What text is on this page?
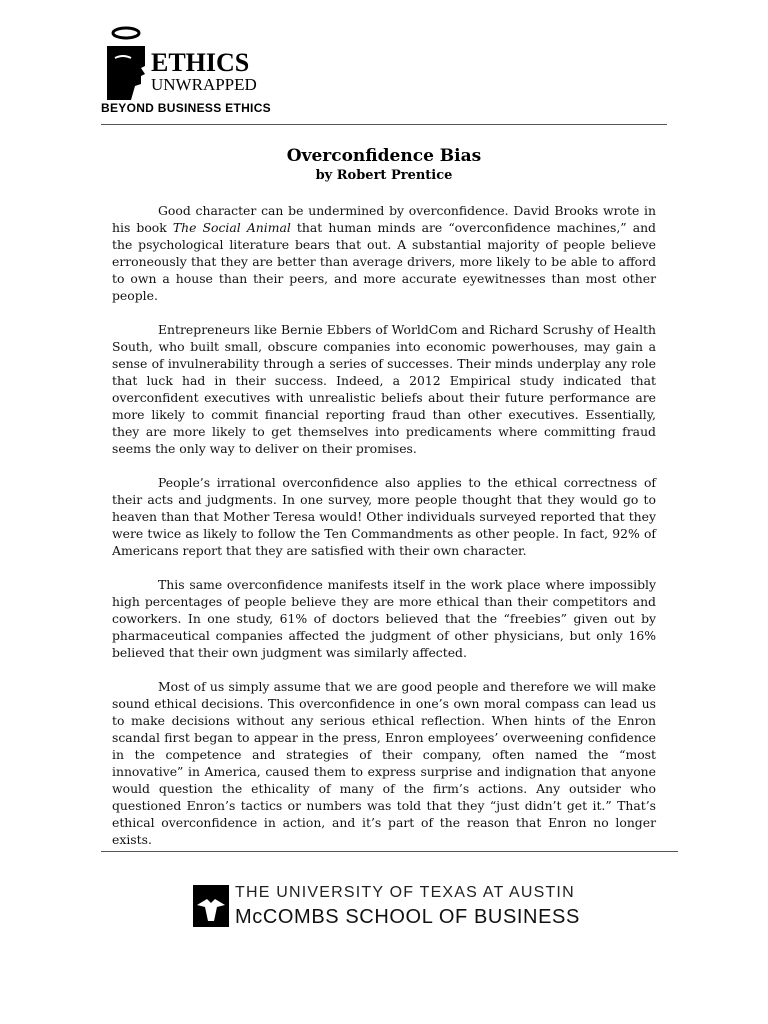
ETHICS
UNWRAPPED
BEYOND BUSINESS ETHICS
Overconfidence Bias
by Robert Prentice

Good character can be undermined by overconfidence. David Brooks wrote in his book The Social Animal that human minds are “overconfidence machines,” and the psychological literature bears that out. A substantial majority of people believe erroneously that they are better than average drivers, more likely to be able to afford to own a house than their peers, and more accurate eyewitnesses than most other people.

Entrepreneurs like Bernie Ebbers of WorldCom and Richard Scrushy of Health South, who built small, obscure companies into economic powerhouses, may gain a sense of invulnerability through a series of successes. Their minds underplay any role that luck had in their success. Indeed, a 2012 Empirical study indicated that overconfident executives with unrealistic beliefs about their future performance are more likely to commit financial reporting fraud than other executives. Essentially, they are more likely to get themselves into predicaments where committing fraud seems the only way to deliver on their promises.

People’s irrational overconfidence also applies to the ethical correctness of their acts and judgments. In one survey, more people thought that they would go to heaven than that Mother Teresa would! Other individuals surveyed reported that they were twice as likely to follow the Ten Commandments as other people. In fact, 92% of Americans report that they are satisfied with their own character.

This same overconfidence manifests itself in the work place where impossibly high percentages of people believe they are more ethical than their competitors and coworkers. In one study, 61% of doctors believed that the “freebies” given out by pharmaceutical companies affected the judgment of other physicians, but only 16% believed that their own judgment was similarly affected.

Most of us simply assume that we are good people and therefore we will make sound ethical decisions. This overconfidence in one’s own moral compass can lead us to make decisions without any serious ethical reflection. When hints of the Enron scandal first began to appear in the press, Enron employees’ overweening confidence in the competence and strategies of their company, often named the “most innovative” in America, caused them to express surprise and indignation that anyone would question the ethicality of many of the firm’s actions. Any outsider who questioned Enron’s tactics or numbers was told that they “just didn’t get it.” That’s ethical overconfidence in action, and it’s part of the reason that Enron no longer exists.

THE UNIVERSITY OF TEXAS AT AUSTIN
McCOMBS SCHOOL OF BUSINESS
